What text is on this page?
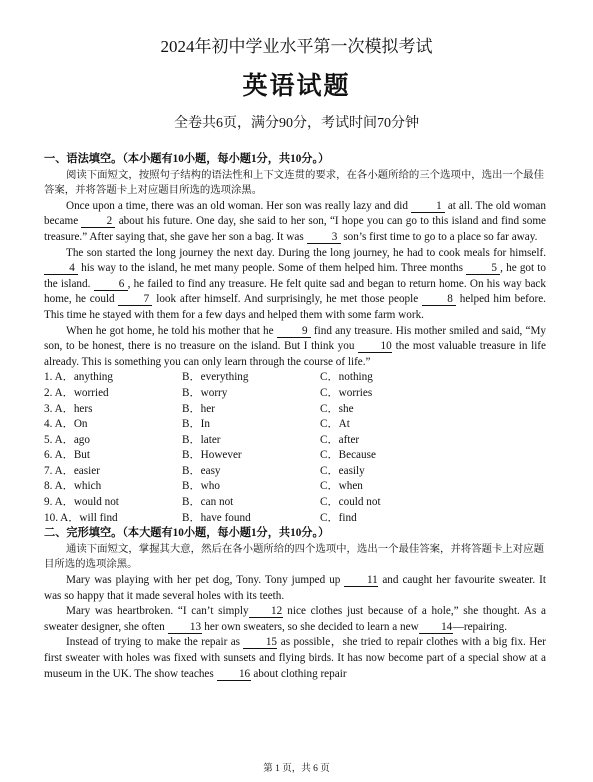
2024年初中学业水平第一次模拟考试
英语试题
全卷共6页，满分90分，考试时间70分钟
一、语法填空。（本小题有10小题，每小题1分，共10分。）
阅读下面短文，按照句子结构的语法性和上下文连贯的要求，在各小题所给的三个选项中，选出一个最佳答案，并将答题卡上对应题目所选的选项涂黑。

Once upon a time, there was an old woman. Her son was really lazy and did 1 at all. The old woman became 2 about his future. One day, she said to her son, “I hope you can go to this island and find some treasure.” After saying that, she gave her son a bag. It was 3 son’s first time to go to a place so far away.

The son started the long journey the next day. During the long journey, he had to cook meals for himself. 4 his way to the island, he met many people. Some of them helped him. Three months 5 , he got to the island. 6 , he failed to find any treasure. He felt quite sad and began to return home. On his way back home, he could 7 look after himself. And surprisingly, he met those people 8 helped him before. This time he stayed with them for a few days and helped them with some farm work.

When he got home, he told his mother that he 9 find any treasure. His mother smiled and said, “My son, to be honest, there is no treasure on the island. But I think you 10 the most valuable treasure in life already. This is something you can only learn through the course of life.”

1. A．anything	B．everything	C．nothing
2. A．worried	B．worry	C．worries
3. A．hers	B．her	C．she
4. A．On	B．In	C．At
5. A．ago	B．later	C．after
6. A．But	B．However	C．Because
7. A．easier	B．easy	C．easily
8. A．which	B．who	C．when
9. A．would not	B．can not	C．could not
10. A．will find	B．have found	C．find
二、完形填空。（本大题有10小题，每小题1分，共10分。）
通读下面短文，掌握其大意，然后在各小题所给的四个选项中，选出一个最佳答案，并将答题卡上对应题目所选的选项涂黑。

Mary was playing with her pet dog, Tony. Tony jumped up 11 and caught her favourite sweater. It was so happy that it made several holes with its teeth.

Mary was heartbroken. “I can’t simply 12 nice clothes just because of a hole,” she thought. As a sweater designer, she often 13 her own sweaters, so she decided to learn a new 14—repairing.

Instead of trying to make the repair as 15 as possible，she tried to repair clothes with a big fix. Her first sweater with holes was fixed with sunsets and flying birds. It has now become part of a special show at a museum in the UK. The show teaches 16 about clothing repair

第 1 页，共 6 页
